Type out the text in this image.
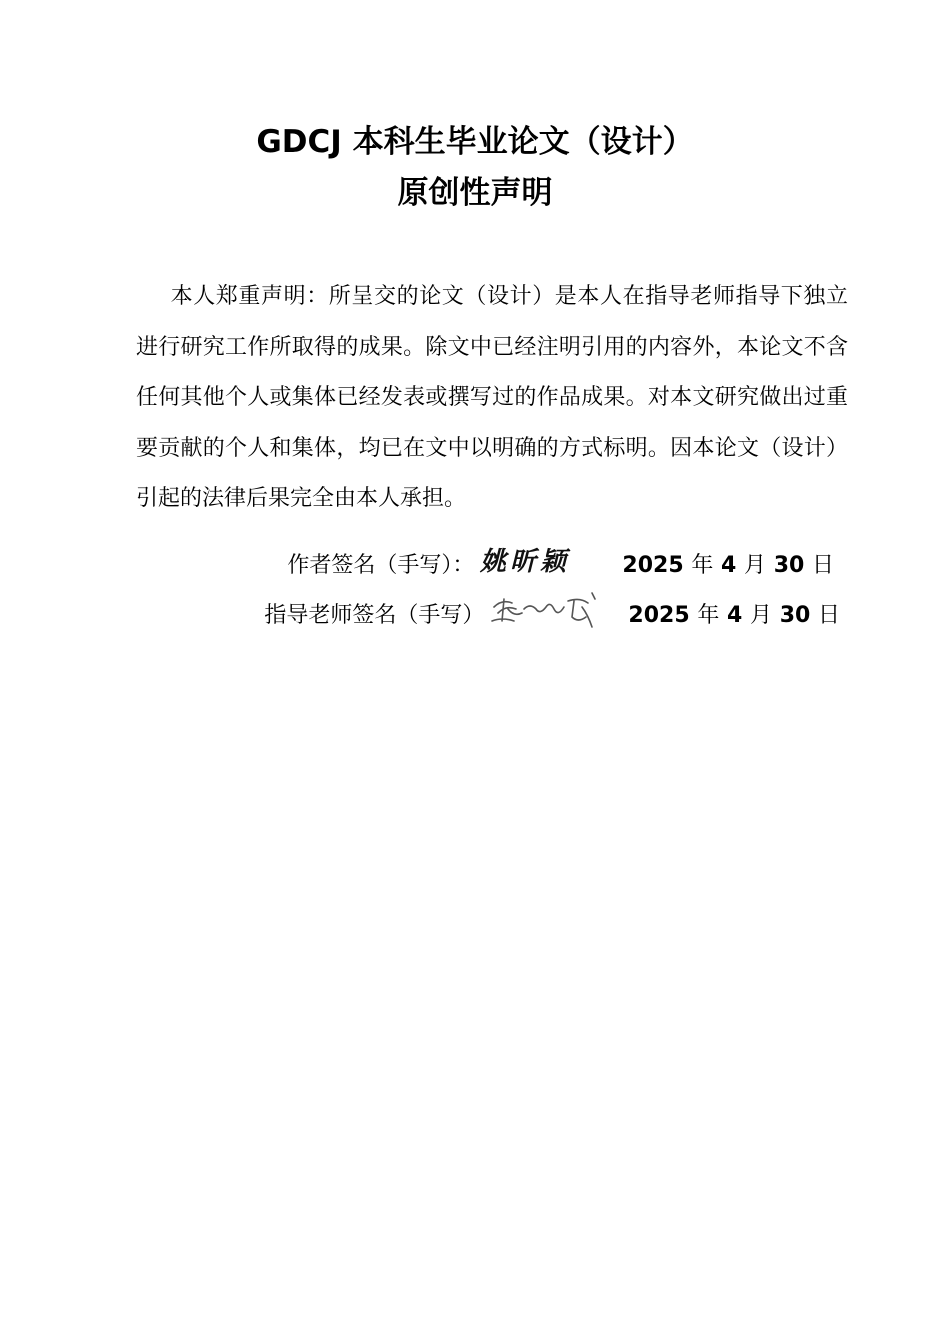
GDCJ 本科生毕业论文（设计）
原创性声明

本人郑重声明：所呈交的论文（设计）是本人在指导老师指导下独立进行研究工作所取得的成果。除文中已经注明引用的内容外，本论文不含任何其他个人或集体已经发表或撰写过的作品成果。对本文研究做出过重要贡献的个人和集体，均已在文中以明确的方式标明。因本论文（设计）引起的法律后果完全由本人承担。

作者签名（手写）： 姚昕颖 2025 年 4 月 30 日
指导老师签名（手写）	2025 年 4 月 30 日
